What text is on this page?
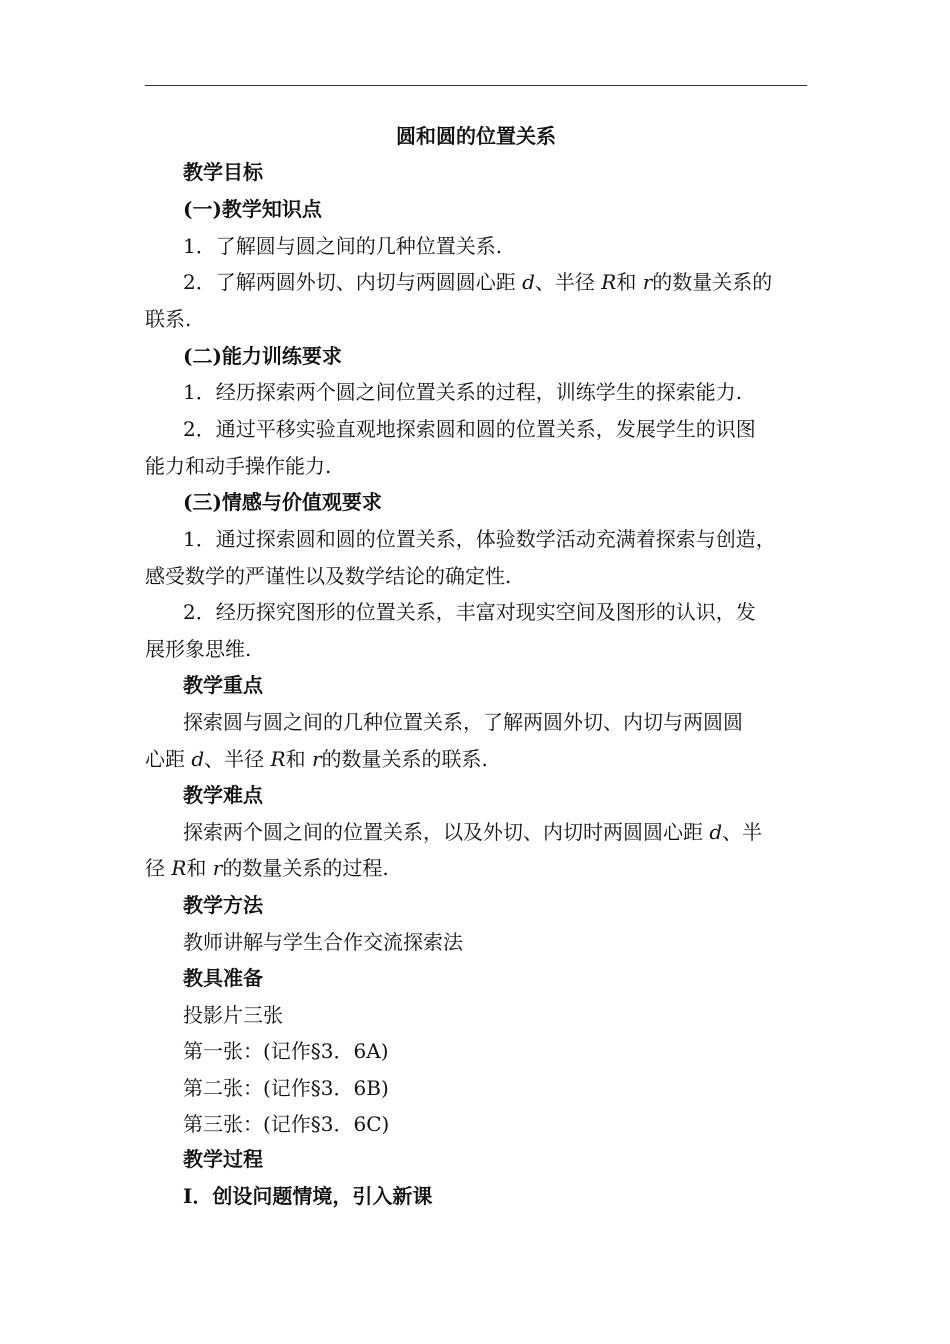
圆和圆的位置关系
教学目标
(一)教学知识点
1．了解圆与圆之间的几种位置关系.
2．了解两圆外切、内切与两圆圆心距 d、半径 R和 r的数量关系的
联系.
(二)能力训练要求
1．经历探索两个圆之间位置关系的过程，训练学生的探索能力.
2．通过平移实验直观地探索圆和圆的位置关系，发展学生的识图
能力和动手操作能力.
(三)情感与价值观要求
1．通过探索圆和圆的位置关系，体验数学活动充满着探索与创造，
感受数学的严谨性以及数学结论的确定性.
2．经历探究图形的位置关系，丰富对现实空间及图形的认识，发
展形象思维.
教学重点
探索圆与圆之间的几种位置关系，了解两圆外切、内切与两圆圆
心距 d、半径 R和 r的数量关系的联系.
教学难点
探索两个圆之间的位置关系，以及外切、内切时两圆圆心距 d、半
径 R和 r的数量关系的过程.
教学方法
教师讲解与学生合作交流探索法
教具准备
投影片三张
第一张：(记作§3．6A)
第二张：(记作§3．6B)
第三张：(记作§3．6C)
教学过程
Ⅰ．创设问题情境，引入新课
